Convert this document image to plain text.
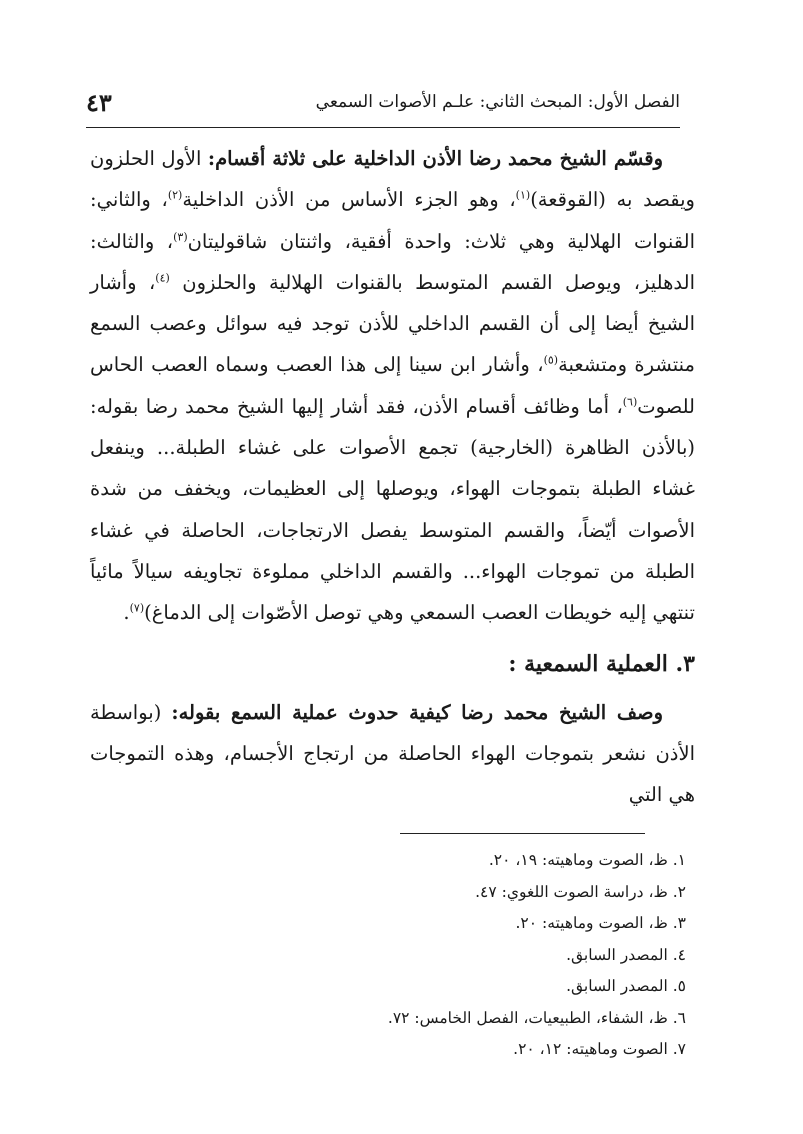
الفصل الأول: المبحث الثاني: علـم الأصوات السمعي
٤٣

وقسّم الشيخ محمد رضا الأذن الداخلية على ثلاثة أقسام: الأول الحلزون ويقصد به (القوقعة)$^{(١)}$، وهو الجزء الأساس من الأذن الداخلية$^{(٢)}$، والثاني: القنوات الهلالية وهي ثلاث: واحدة أفقية، واثنتان شاقوليتان$^{(٣)}$، والثالث: الدهليز، ويوصل القسم المتوسط بالقنوات الهلالية والحلزون $^{(٤)}$، وأشار الشيخ أيضا إلى أن القسم الداخلي للأذن توجد فيه سوائل وعصب السمع منتشرة ومتشعبة$^{(٥)}$، وأشار ابن سينا إلى هذا العصب وسماه العصب الحاس للصوت$^{(٦)}$، أما وظائف أقسام الأذن، فقد أشار إليها الشيخ محمد رضا بقوله: (بالأذن الظاهرة (الخارجية) تجمع الأصوات على غشاء الطبلة... وينفعل غشاء الطبلة بتموجات الهواء، ويوصلها إلى العظيمات، ويخفف من شدة الأصوات أيّضاً، والقسم المتوسط يفصل الارتجاجات، الحاصلة في غشاء الطبلة من تموجات الهواء... والقسم الداخلي مملوءة تجاويفه سيالاً مائياً تنتهي إليه خويطات العصب السمعي وهي توصل الأصّوات إلى الدماغ)$^{(٧)}$.

٣. العملية السمعية :

وصف الشيخ محمد رضا كيفية حدوث عملية السمع بقوله: (بواسطة الأذن نشعر بتموجات الهواء الحاصلة من ارتجاج الأجسام، وهذه التموجات هي التي

١. ظ، الصوت وماهيته: ١٩، ٢٠.
٢. ظ، دراسة الصوت اللغوي: ٤٧.
٣. ظ، الصوت وماهيته: ٢٠.
٤. المصدر السابق.
٥. المصدر السابق.
٦. ظ، الشفاء، الطبيعيات، الفصل الخامس: ٧٢.
٧. الصوت وماهيته: ١٢، ٢٠.
